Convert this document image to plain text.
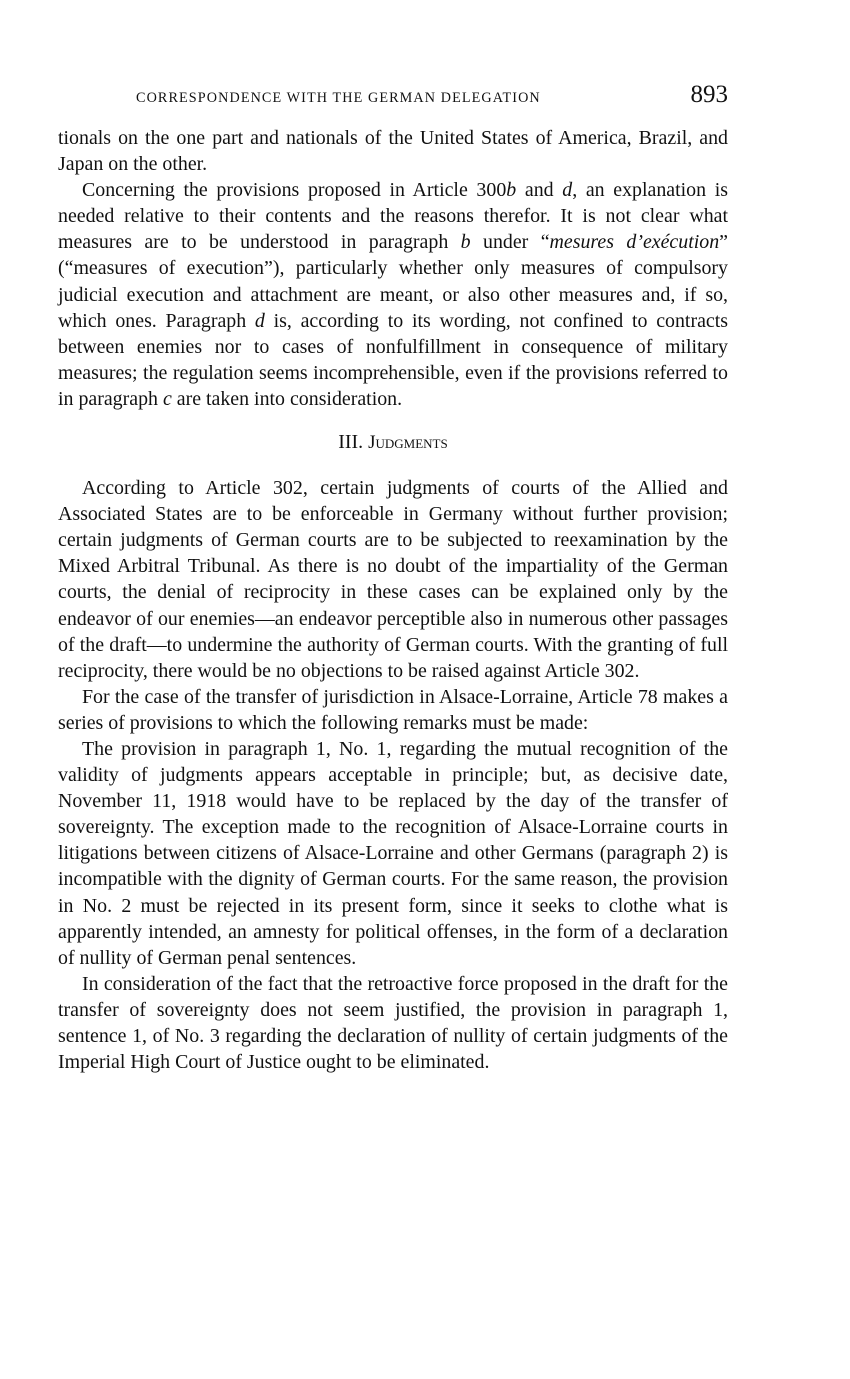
CORRESPONDENCE WITH THE GERMAN DELEGATION	893

tionals on the one part and nationals of the United States of America, Brazil, and Japan on the other.

Concerning the provisions proposed in Article 300b and d, an explanation is needed relative to their contents and the reasons therefor. It is not clear what measures are to be understood in paragraph b under “mesures d’exécution” (“measures of execution”), particularly whether only measures of compulsory judicial execution and attachment are meant, or also other measures and, if so, which ones. Paragraph d is, according to its wording, not confined to contracts between enemies nor to cases of nonfulfillment in consequence of military measures; the regulation seems incomprehensible, even if the provisions referred to in paragraph c are taken into consideration.

III. Judgments

According to Article 302, certain judgments of courts of the Allied and Associated States are to be enforceable in Germany without further provision; certain judgments of German courts are to be subjected to reexamination by the Mixed Arbitral Tribunal. As there is no doubt of the impartiality of the German courts, the denial of reciprocity in these cases can be explained only by the endeavor of our enemies—an endeavor perceptible also in numerous other passages of the draft—to undermine the authority of German courts. With the granting of full reciprocity, there would be no objections to be raised against Article 302.

For the case of the transfer of jurisdiction in Alsace-Lorraine, Article 78 makes a series of provisions to which the following remarks must be made:

The provision in paragraph 1, No. 1, regarding the mutual recognition of the validity of judgments appears acceptable in principle; but, as decisive date, November 11, 1918 would have to be replaced by the day of the transfer of sovereignty. The exception made to the recognition of Alsace-Lorraine courts in litigations between citizens of Alsace-Lorraine and other Germans (paragraph 2) is incompatible with the dignity of German courts. For the same reason, the provision in No. 2 must be rejected in its present form, since it seeks to clothe what is apparently intended, an amnesty for political offenses, in the form of a declaration of nullity of German penal sentences.

In consideration of the fact that the retroactive force proposed in the draft for the transfer of sovereignty does not seem justified, the provision in paragraph 1, sentence 1, of No. 3 regarding the declaration of nullity of certain judgments of the Imperial High Court of Justice ought to be eliminated.
